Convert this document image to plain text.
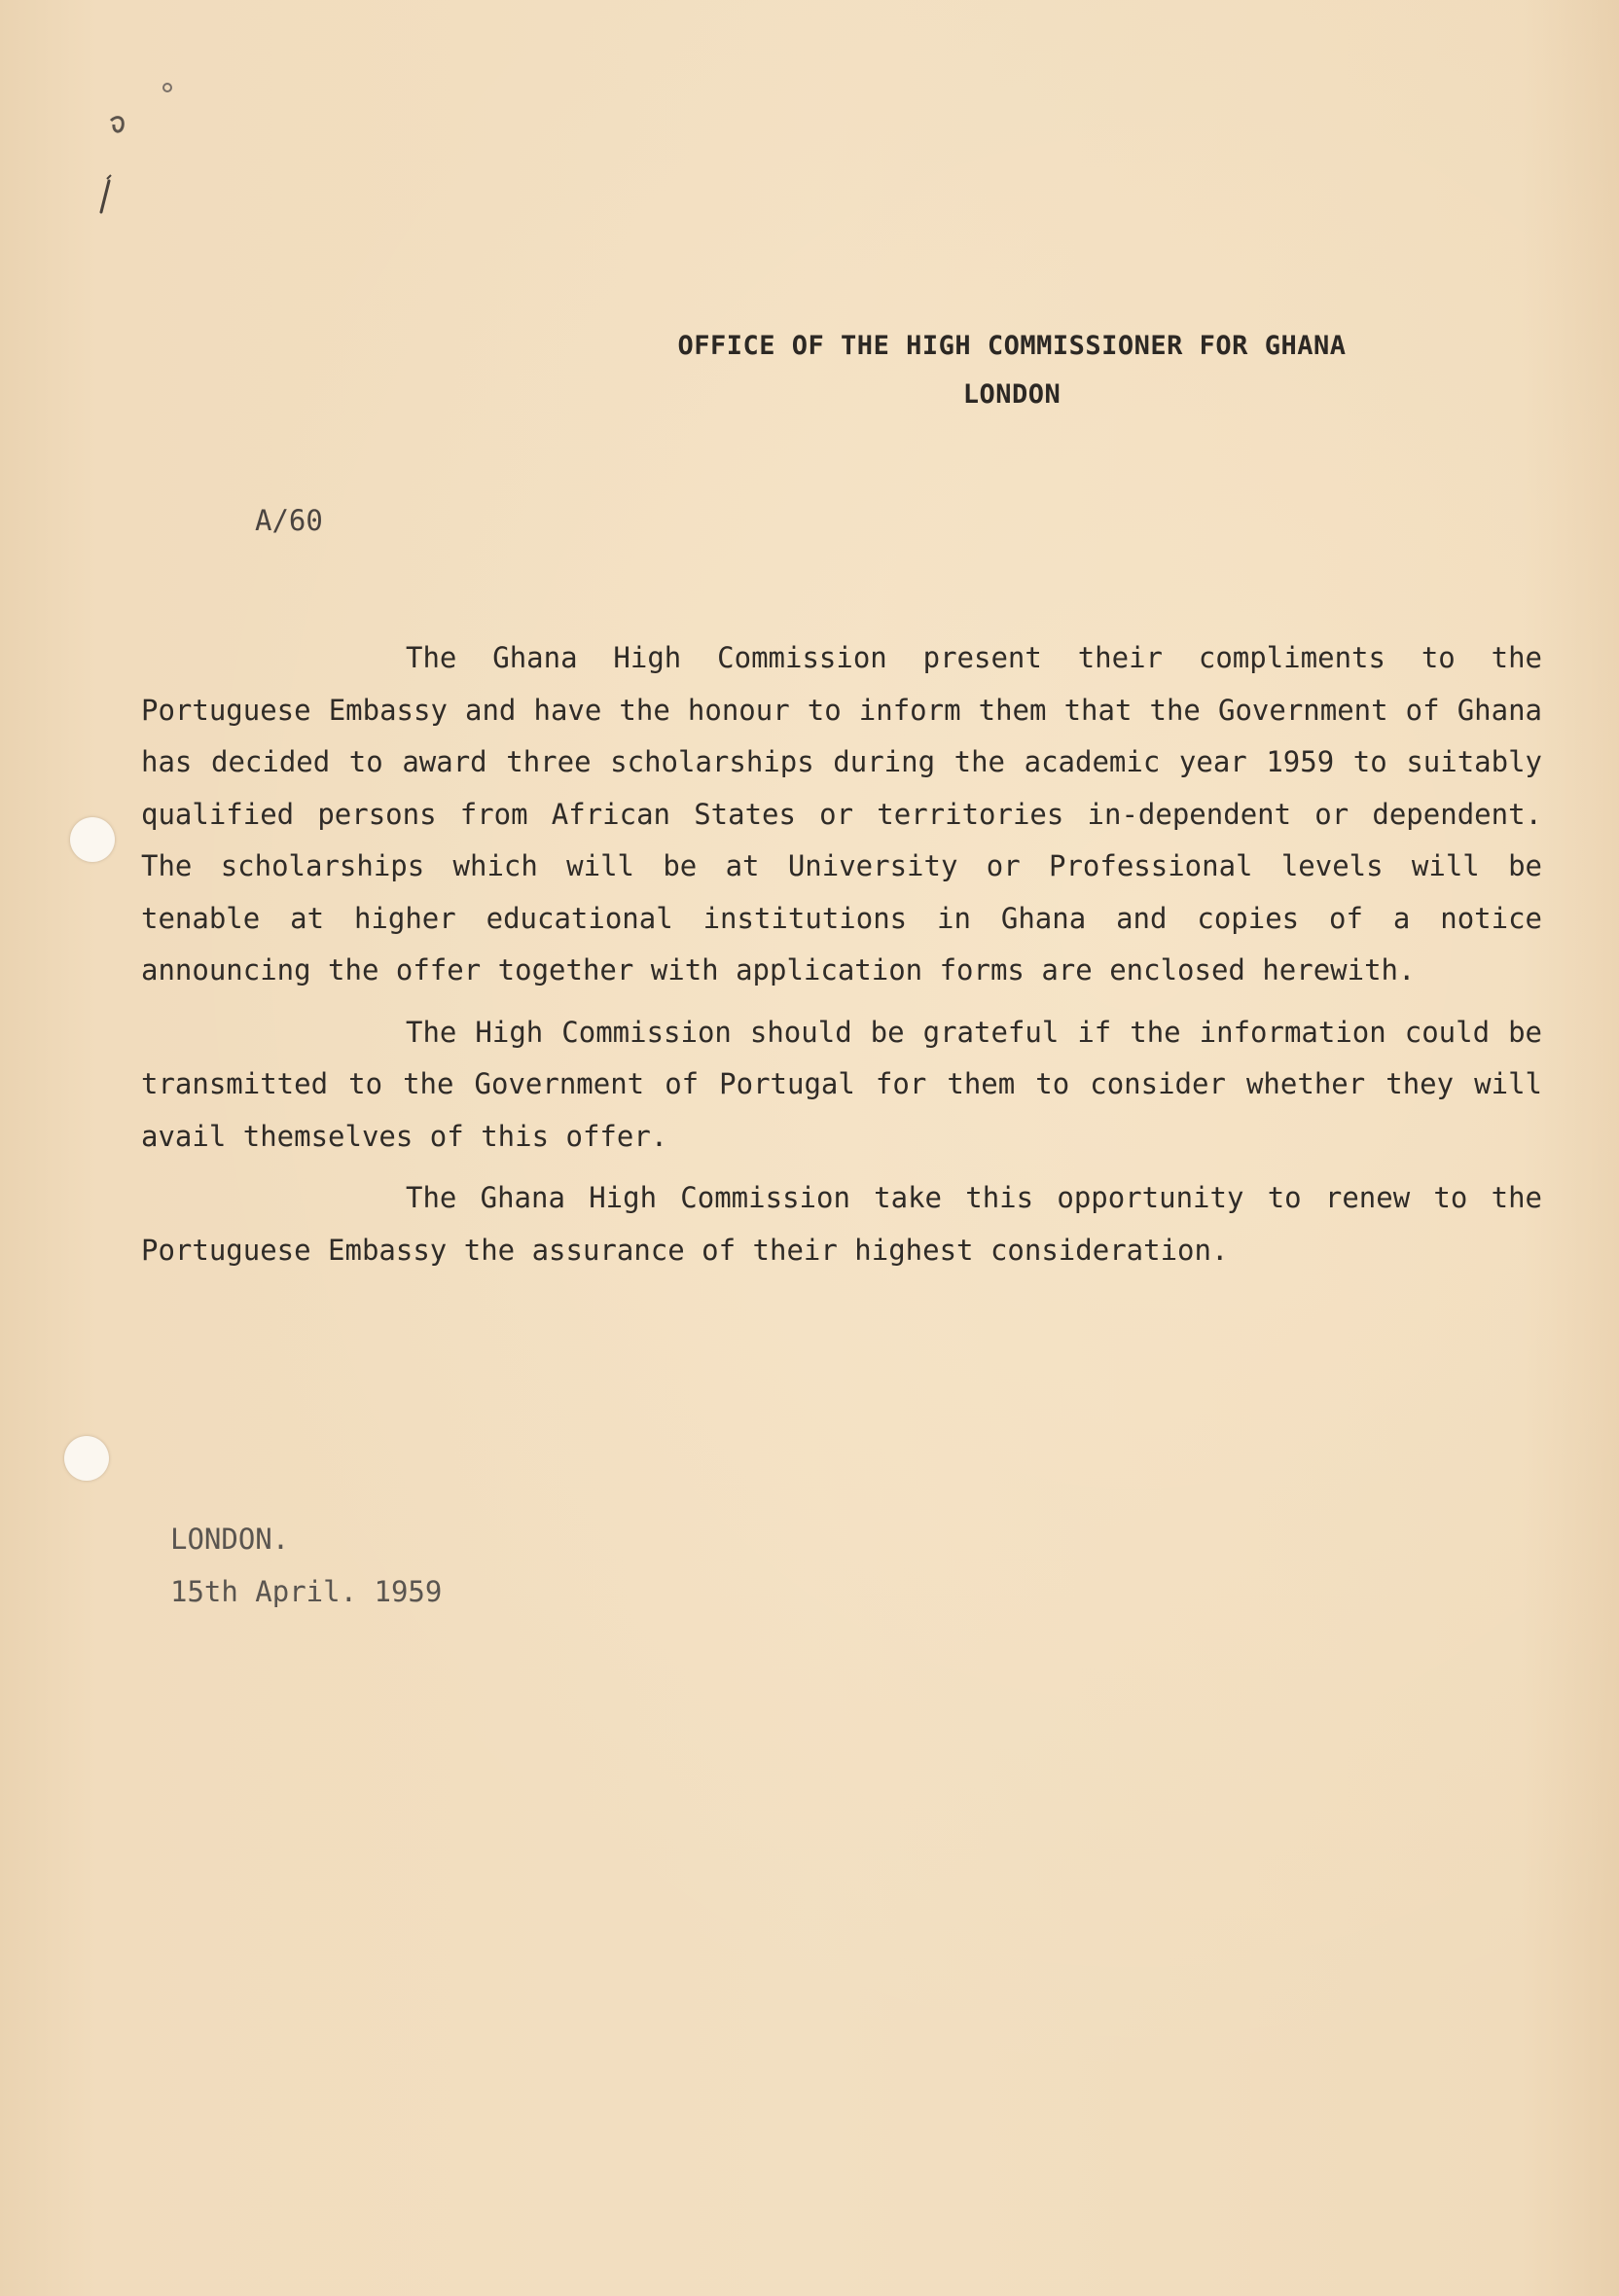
OFFICE OF THE HIGH COMMISSIONER FOR GHANA
LONDON
A/60

The Ghana High Commission present their compliments to the Portuguese Embassy and have the honour to inform them that the Government of Ghana has decided to award three scholarships during the academic year 1959 to suitably qualified persons from African States or territories in-dependent or dependent. The scholarships which will be at University or Professional levels will be tenable at higher educational institutions in Ghana and copies of a notice announcing the offer together with application forms are enclosed herewith.

The High Commission should be grateful if the information could be transmitted to the Government of Portugal for them to consider whether they will avail themselves of this offer.

The Ghana High Commission take this opportunity to renew to the Portuguese Embassy the assurance of their highest consideration.

LONDON.
15th April. 1959
